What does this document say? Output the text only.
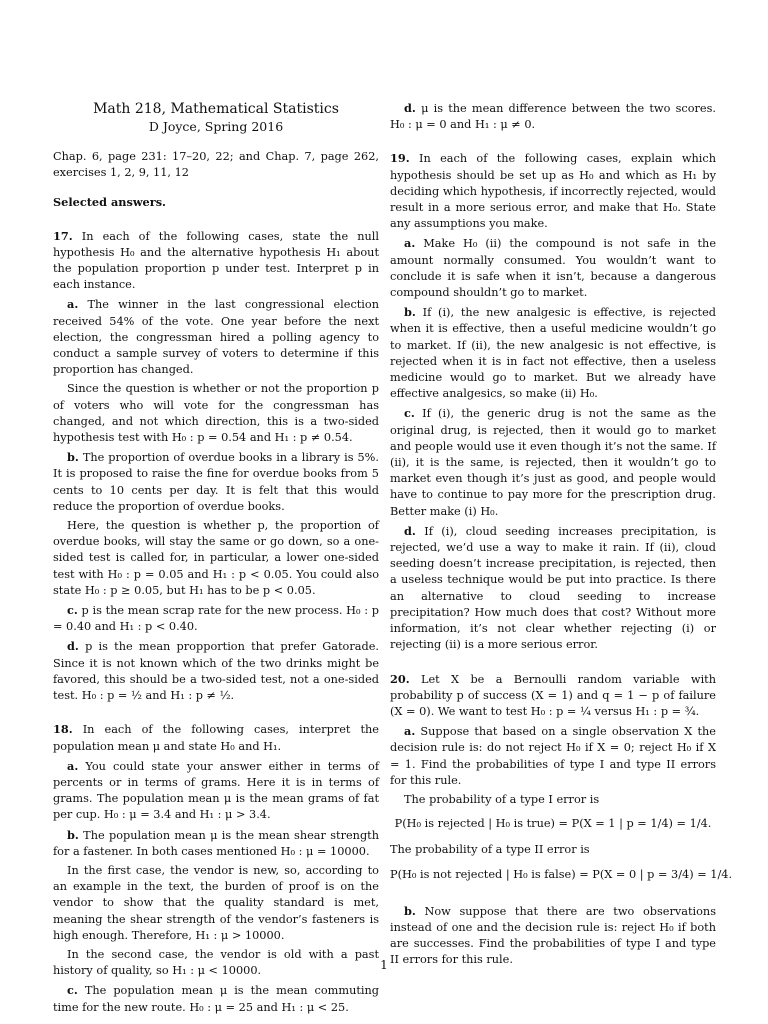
Math 218, Mathematical Statistics

D Joyce, Spring 2016

Chap. 6, page 231: 17–20, 22; and Chap. 7, page 262, exercises 1, 2, 9, 11, 12

Selected answers.

17. In each of the following cases, state the null hypothesis H₀ and the alternative hypothesis H₁ about the population proportion p under test. Interpret p in each instance.

a. The winner in the last congressional election received 54% of the vote. One year before the next election, the congressman hired a polling agency to conduct a sample survey of voters to determine if this proportion has changed.

Since the question is whether or not the proportion p of voters who will vote for the congressman has changed, and not which direction, this is a two-sided hypothesis test with H₀ : p = 0.54 and H₁ : p ≠ 0.54.

b. The proportion of overdue books in a library is 5%. It is proposed to raise the fine for overdue books from 5 cents to 10 cents per day. It is felt that this would reduce the proportion of overdue books.

Here, the question is whether p, the proportion of overdue books, will stay the same or go down, so a one-sided test is called for, in particular, a lower one-sided test with H₀ : p = 0.05 and H₁ : p < 0.05. You could also state H₀ : p ≥ 0.05, but H₁ has to be p < 0.05.

c. p is the mean scrap rate for the new process. H₀ : p = 0.40 and H₁ : p < 0.40.

d. p is the mean propportion that prefer Gatorade. Since it is not known which of the two drinks might be favored, this should be a two-sided test, not a one-sided test. H₀ : p = ½ and H₁ : p ≠ ½.

18. In each of the following cases, interpret the population mean μ and state H₀ and H₁.

a. You could state your answer either in terms of percents or in terms of grams. Here it is in terms of grams. The population mean μ is the mean grams of fat per cup. H₀ : μ = 3.4 and H₁ : μ > 3.4.

b. The population mean μ is the mean shear strength for a fastener. In both cases mentioned H₀ : μ = 10000.

In the first case, the vendor is new, so, according to an example in the text, the burden of proof is on the vendor to show that the quality standard is met, meaning the shear strength of the vendor’s fasteners is high enough. Therefore, H₁ : μ > 10000.

In the second case, the vendor is old with a past history of quality, so H₁ : μ < 10000.

c. The population mean μ is the mean commuting time for the new route. H₀ : μ = 25 and H₁ : μ < 25.

d. μ is the mean difference between the two scores. H₀ : μ = 0 and H₁ : μ ≠ 0.

19. In each of the following cases, explain which hypothesis should be set up as H₀ and which as H₁ by deciding which hypothesis, if incorrectly rejected, would result in a more serious error, and make that H₀. State any assumptions you make.

a. Make H₀ (ii) the compound is not safe in the amount normally consumed. You wouldn’t want to conclude it is safe when it isn’t, because a dangerous compound shouldn’t go to market.

b. If (i), the new analgesic is effective, is rejected when it is effective, then a useful medicine wouldn’t go to market. If (ii), the new analgesic is not effective, is rejected when it is in fact not effective, then a useless medicine would go to market. But we already have effective analgesics, so make (ii) H₀.

c. If (i), the generic drug is not the same as the original drug, is rejected, then it would go to market and people would use it even though it’s not the same. If (ii), it is the same, is rejected, then it wouldn’t go to market even though it’s just as good, and people would have to continue to pay more for the prescription drug. Better make (i) H₀.

d. If (i), cloud seeding increases precipitation, is rejected, we’d use a way to make it rain. If (ii), cloud seeding doesn’t increase precipitation, is rejected, then a useless technique would be put into practice. Is there an alternative to cloud seeding to increase precipitation? How much does that cost? Without more information, it’s not clear whether rejecting (i) or rejecting (ii) is a more serious error.

20. Let X be a Bernoulli random variable with probability p of success (X = 1) and q = 1 − p of failure (X = 0). We want to test H₀ : p = ¼ versus H₁ : p = ¾.

a. Suppose that based on a single observation X the decision rule is: do not reject H₀ if X = 0; reject H₀ if X = 1. Find the probabilities of type I and type II errors for this rule.

The probability of a type I error is

P(H₀ is rejected | H₀ is true) = P(X = 1 | p = 1/4) = 1/4.

The probability of a type II error is

P(H₀ is not rejected | H₀ is false) = P(X = 0 | p = 3/4) = 1/4.

b. Now suppose that there are two observations instead of one and the decision rule is: reject H₀ if both are successes. Find the probabilities of type I and type II errors for this rule.

1
